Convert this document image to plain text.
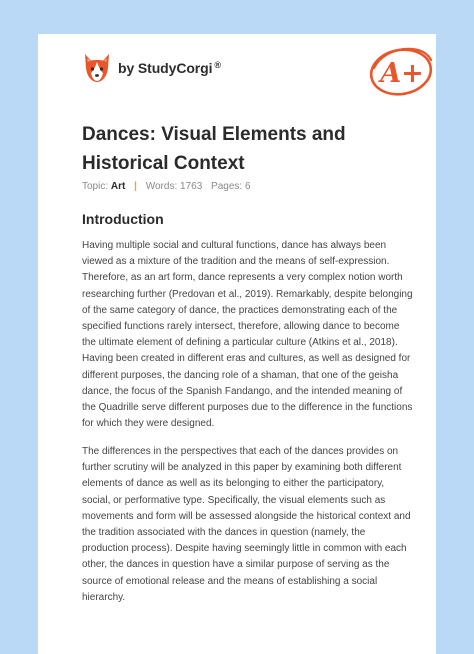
by StudyCorgi ®	A+
Dances: Visual Elements and Historical Context
Topic: Art | Words: 1763 Pages: 6
Introduction

Having multiple social and cultural functions, dance has always been viewed as a mixture of the tradition and the means of self-expression. Therefore, as an art form, dance represents a very complex notion worth researching further (Predovan et al., 2019). Remarkably, despite belonging of the same category of dance, the practices demonstrating each of the specified functions rarely intersect, therefore, allowing dance to become the ultimate element of defining a particular culture (Atkins et al., 2018). Having been created in different eras and cultures, as well as designed for different purposes, the dancing role of a shaman, that one of the geisha dance, the focus of the Spanish Fandango, and the intended meaning of the Quadrille serve different purposes due to the difference in the functions for which they were designed.

The differences in the perspectives that each of the dances provides on further scrutiny will be analyzed in this paper by examining both different elements of dance as well as its belonging to either the participatory, social, or performative type. Specifically, the visual elements such as movements and form will be assessed alongside the historical context and the tradition associated with the dances in question (namely, the production process). Despite having seemingly little in common with each other, the dances in question have a similar purpose of serving as the source of emotional release and the means of establishing a social hierarchy.
